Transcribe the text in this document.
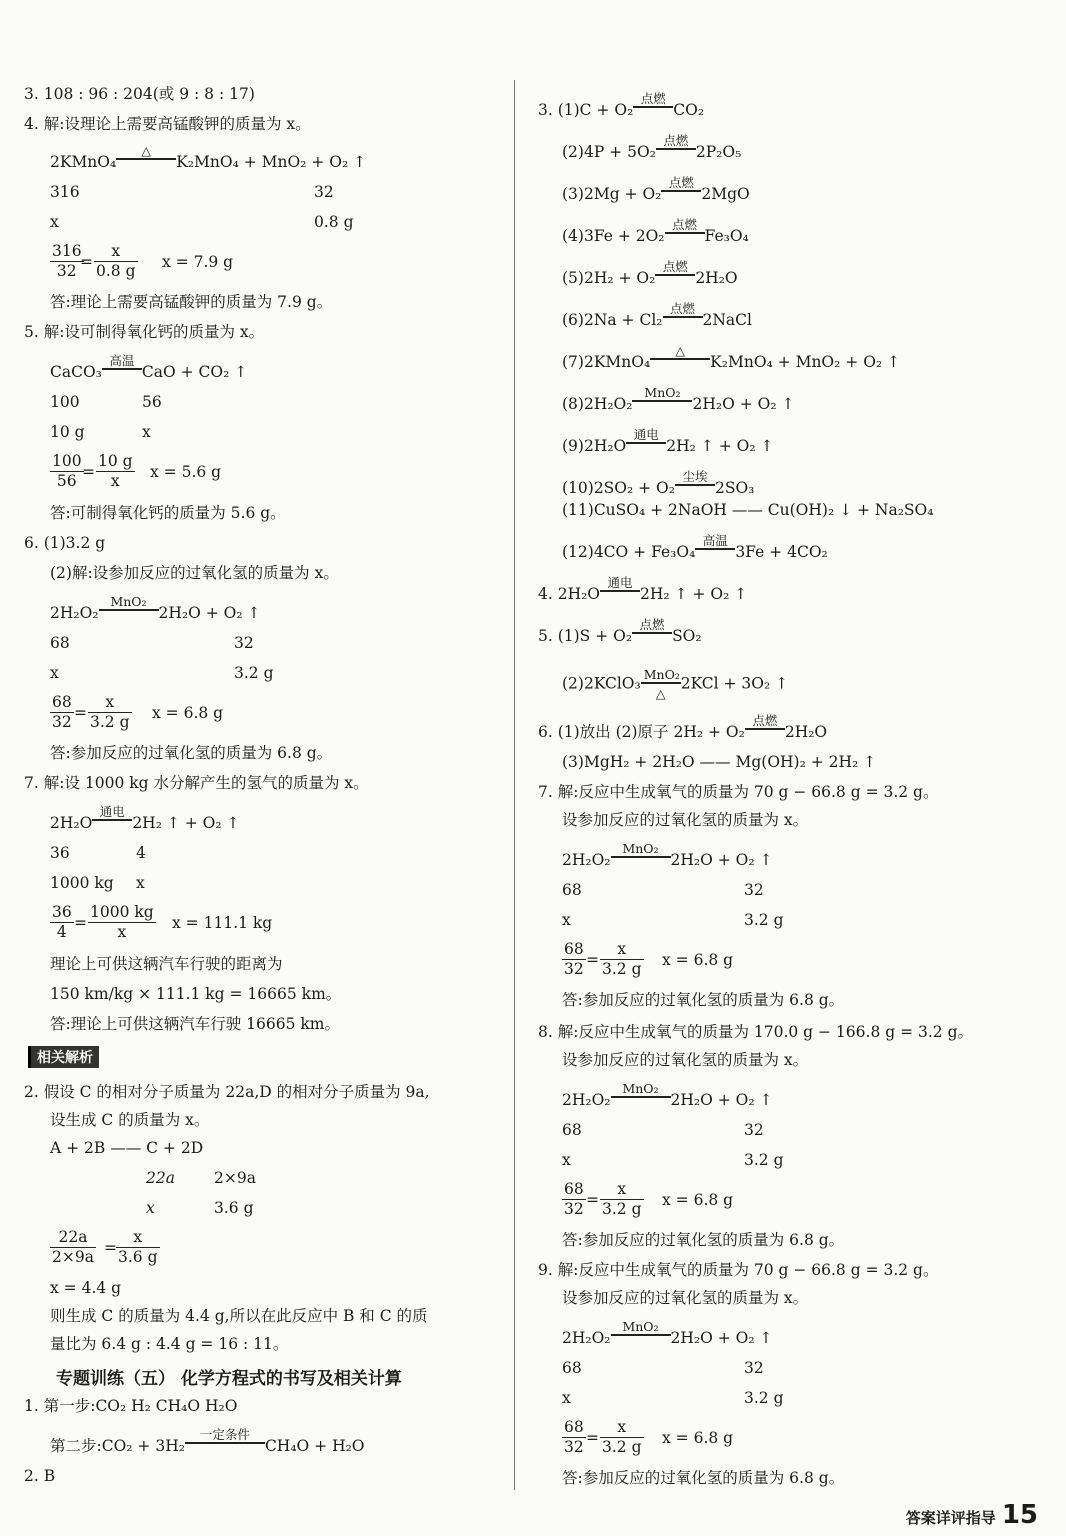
3. 108 : 96 : 204(或 9 : 8 : 17)
4. 解:设理论上需要高锰酸钾的质量为 x。
2KMnO₄
△
K₂MnO₄ + MnO₂ + O₂ ↑
316	32
x	0.8 g
$\frac{316}{32}$
= $\frac{x}{0.8 g}$ x = 7.9 g
答:理论上需要高锰酸钾的质量为 7.9 g。
5. 解:设可制得氧化钙的质量为 x。
CaCO₃
高温
CaO + CO₂ ↑
100	56
10 g	x
$\frac{100}{56}$
= $\frac{10 g}{x}$ x = 5.6 g
答:可制得氧化钙的质量为 5.6 g。
6. (1)3.2 g
(2)解:设参加反应的过氧化氢的质量为 x。
2H₂O₂
MnO₂
2H₂O + O₂ ↑
68	32
x	3.2 g
$\frac{68}{32} = \frac{x}{3.2 g}$ x = 6.8 g
答:参加反应的过氧化氢的质量为 6.8 g。
7. 解:设 1000 kg 水分解产生的氢气的质量为 x。
2H₂O
通电
2H₂ ↑ + O₂ ↑
36	4
1000 kg x
$\frac{36}{4} = \frac{1000 kg}{x}$ x = 111.1 kg
理论上可供这辆汽车行驶的距离为
150 km/kg × 111.1 kg = 16665 km。
答:理论上可供这辆汽车行驶 16665 km。
相关解析
2. 假设 C 的相对分子质量为 22a,D 的相对分子质量为 9a,
设生成 C 的质量为 x。
A + 2B —— C + 2D
22a	2×9a
x	3.6 g
$\frac{22a}{2\times 9a} = \frac{x}{3.6 g}$
x = 4.4 g
则生成 C 的质量为 4.4 g,所以在此反应中 B 和 C 的质
量比为 6.4 g : 4.4 g = 16 : 11。
专题训练（五） 化学方程式的书写及相关计算
1. 第一步:CO₂ H₂ CH₄O H₂O
第二步:CO₂ + 3H₂
一定条件
CH₄O + H₂O
2. B
3. (1)C + O₂
点燃
CO₂
(2)4P + 5O₂
点燃
2P₂O₅
(3)2Mg + O₂
点燃
2MgO
(4)3Fe + 2O₂
点燃
Fe₃O₄
(5)2H₂ + O₂
点燃
2H₂O
(6)2Na + Cl₂
点燃
2NaCl
(7)2KMnO₄
△
K₂MnO₄ + MnO₂ + O₂ ↑
(8)2H₂O₂
MnO₂
2H₂O + O₂ ↑
(9)2H₂O
通电
2H₂ ↑ + O₂ ↑
(10)2SO₂ + O₂
尘埃
2SO₃
(11)CuSO₄ + 2NaOH —— Cu(OH)₂ ↓ + Na₂SO₄
(12)4CO + Fe₃O₄
高温
3Fe + 4CO₂
4. 2H₂O
通电
2H₂ ↑ + O₂ ↑
5. (1)S + O₂
点燃
SO₂
(2)2KClO₃ MnO₂
△
2KCl + 3O₂ ↑
6. (1)放出 (2)原子 2H₂ + O₂
点燃
2H₂O
(3)MgH₂ + 2H₂O —— Mg(OH)₂ + 2H₂ ↑
7. 解:反应中生成氧气的质量为 70 g − 66.8 g = 3.2 g。
设参加反应的过氧化氢的质量为 x。
2H₂O₂
MnO₂
2H₂O + O₂ ↑
68	32
x	3.2 g
$\frac{68}{32} = \frac{x}{3.2 g}$ x = 6.8 g
答:参加反应的过氧化氢的质量为 6.8 g。
8. 解:反应中生成氧气的质量为 170.0 g − 166.8 g = 3.2 g。
设参加反应的过氧化氢的质量为 x。
2H₂O₂
MnO₂
2H₂O + O₂ ↑
68	32
x	3.2 g
$\frac{68}{32} = \frac{x}{3.2 g}$ x = 6.8 g
答:参加反应的过氧化氢的质量为 6.8 g。
9. 解:反应中生成氧气的质量为 70 g − 66.8 g = 3.2 g。
设参加反应的过氧化氢的质量为 x。
2H₂O₂
MnO₂
2H₂O + O₂ ↑
68	32
x	3.2 g
$\frac{68}{32} = \frac{x}{3.2 g}$ x = 6.8 g
答:参加反应的过氧化氢的质量为 6.8 g。
答案详评指导 15
